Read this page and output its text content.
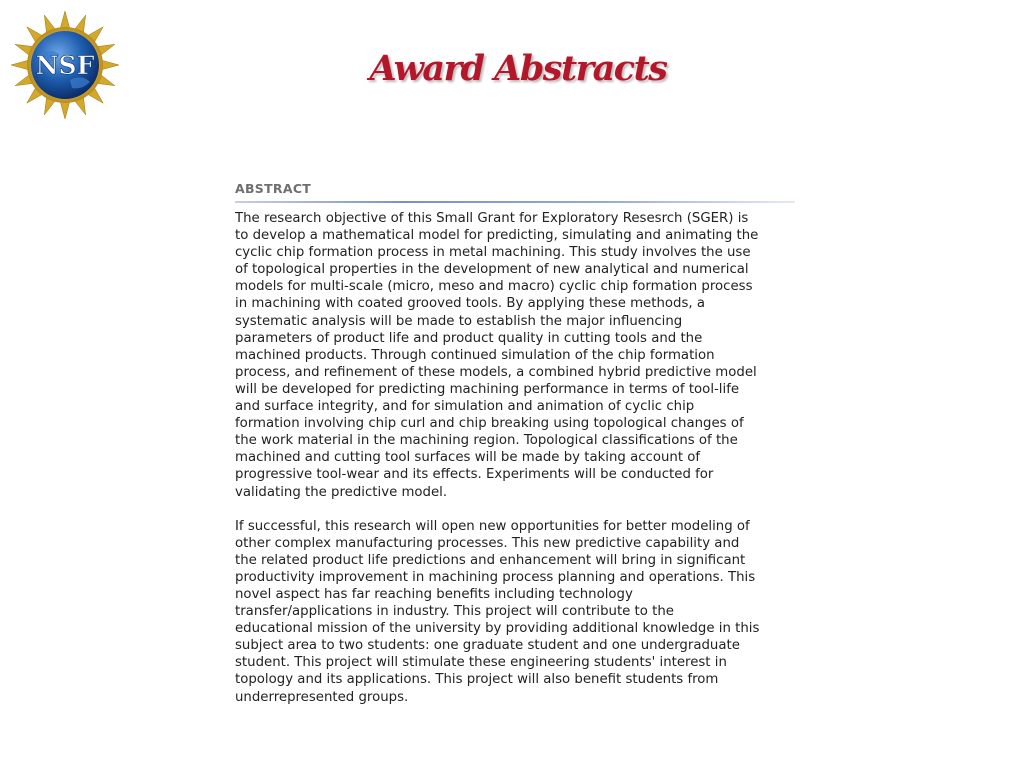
NSF	Award Abstracts
ABSTRACT

The research objective of this Small Grant for Exploratory Resesrch (SGER) is
to develop a mathematical model for predicting, simulating and animating the
cyclic chip formation process in metal machining. This study involves the use
of topological properties in the development of new analytical and numerical
models for multi-scale (micro, meso and macro) cyclic chip formation process
in machining with coated grooved tools. By applying these methods, a
systematic analysis will be made to establish the major influencing
parameters of product life and product quality in cutting tools and the
machined products. Through continued simulation of the chip formation
process, and refinement of these models, a combined hybrid predictive model
will be developed for predicting machining performance in terms of tool-life
and surface integrity, and for simulation and animation of cyclic chip
formation involving chip curl and chip breaking using topological changes of
the work material in the machining region. Topological classifications of the
machined and cutting tool surfaces will be made by taking account of
progressive tool-wear and its effects. Experiments will be conducted for
validating the predictive model.

If successful, this research will open new opportunities for better modeling of
other complex manufacturing processes. This new predictive capability and
the related product life predictions and enhancement will bring in significant
productivity improvement in machining process planning and operations. This
novel aspect has far reaching benefits including technology
transfer/applications in industry. This project will contribute to the
educational mission of the university by providing additional knowledge in this
subject area to two students: one graduate student and one undergraduate
student. This project will stimulate these engineering students' interest in
topology and its applications. This project will also benefit students from
underrepresented groups.
